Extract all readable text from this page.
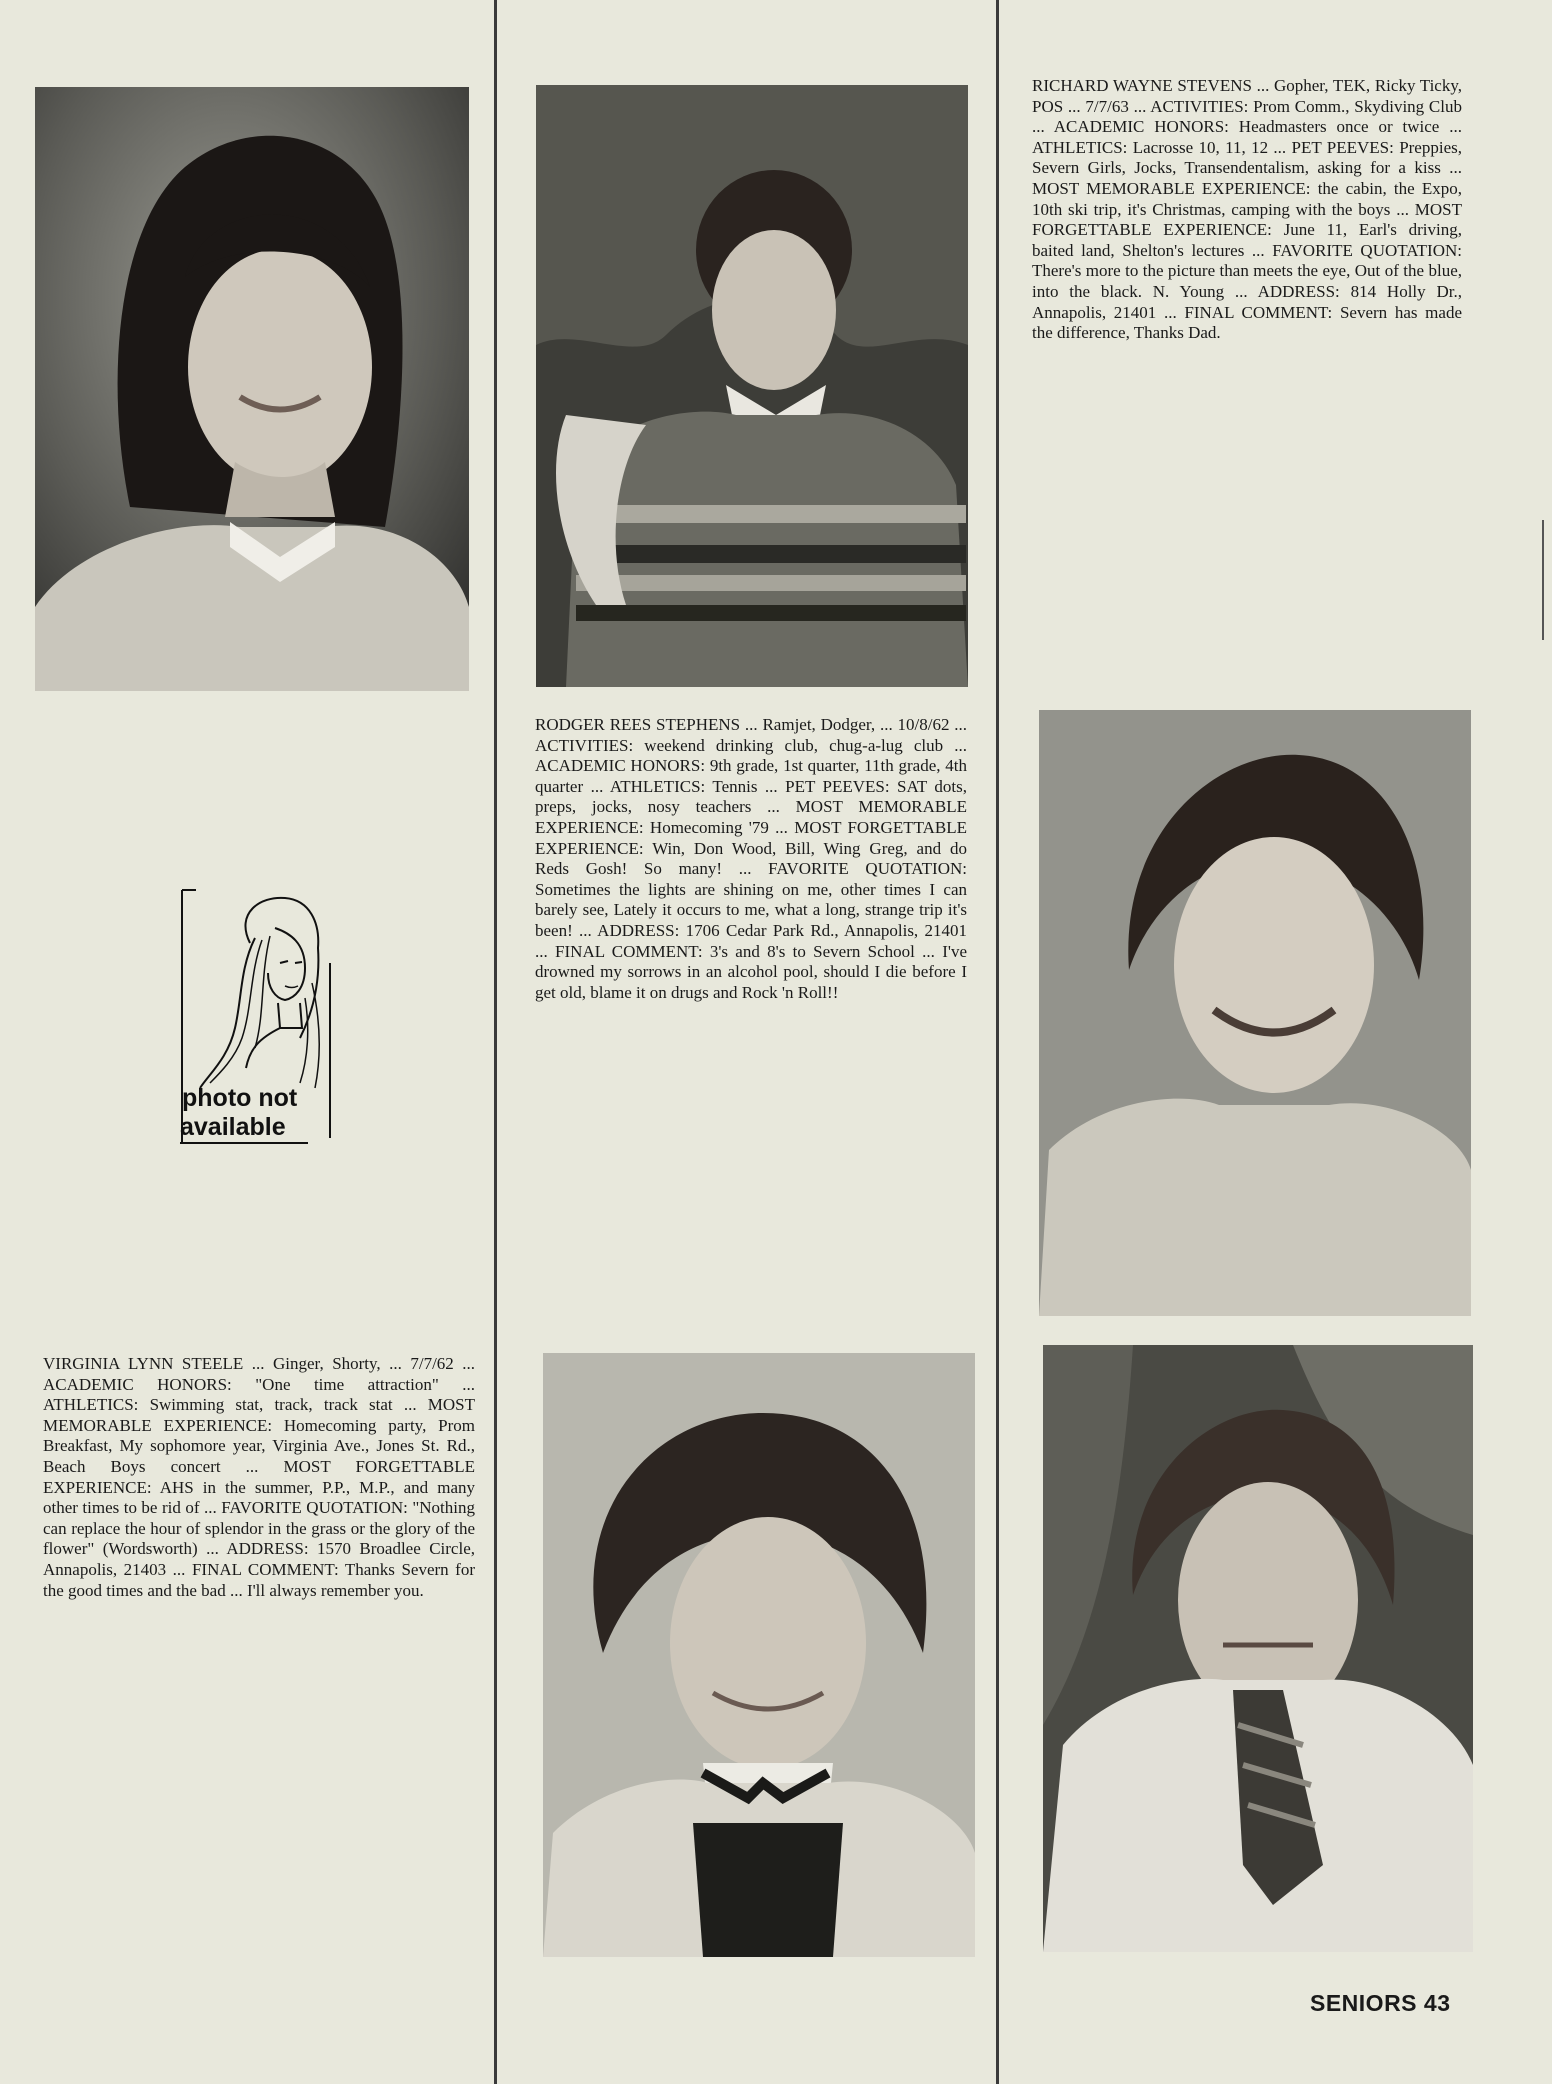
RICHARD WAYNE STEVENS ... Gopher, TEK, Ricky Ticky, POS ... 7/7/63 ... ACTIVITIES: Prom Comm., Skydiving Club ... ACADEMIC HONORS: Headmasters once or twice ... ATHLETICS: Lacrosse 10, 11, 12 ... PET PEEVES: Preppies, Severn Girls, Jocks, Transendentalism, asking for a kiss ... MOST MEMORABLE EXPERIENCE: the cabin, the Expo, 10th ski trip, it's Christmas, camping with the boys ... MOST FORGETTABLE EXPERIENCE: June 11, Earl's driving, baited land, Shelton's lectures ... FAVORITE QUOTATION: There's more to the picture than meets the eye, Out of the blue, into the black. N. Young ... ADDRESS: 814 Holly Dr., Annapolis, 21401 ... FINAL COMMENT: Severn has made the difference, Thanks Dad.

RODGER REES STEPHENS ... Ramjet, Dodger, ... 10/8/62 ... ACTIVITIES: weekend drinking club, chug-a-lug club ... ACADEMIC HONORS: 9th grade, 1st quarter, 11th grade, 4th quarter ... ATHLETICS: Tennis ... PET PEEVES: SAT dots, preps, jocks, nosy teachers ... MOST MEMORABLE EXPERIENCE: Homecoming '79 ... MOST FORGETTABLE EXPERIENCE: Win, Don Wood, Bill, Wing Greg, and do Reds Gosh! So many! ... FAVORITE QUOTATION: Sometimes the lights are shining on me, other times I can barely see, Lately it occurs to me, what a long, strange trip it's been! ... ADDRESS: 1706 Cedar Park Rd., Annapolis, 21401 ... FINAL COMMENT: 3's and 8's to Severn School ... I've drowned my sorrows in an alcohol pool, should I die before I get old, blame it on drugs and Rock 'n Roll!!

photo not
available

VIRGINIA LYNN STEELE ... Ginger, Shorty, ... 7/7/62 ... ACADEMIC HONORS: "One time attraction" ... ATHLETICS: Swimming stat, track, track stat ... MOST MEMORABLE EXPERIENCE: Homecoming party, Prom Breakfast, My sophomore year, Virginia Ave., Jones St. Rd., Beach Boys concert ... MOST FORGETTABLE EXPERIENCE: AHS in the summer, P.P., M.P., and many other times to be rid of ... FAVORITE QUOTATION: "Nothing can replace the hour of splendor in the grass or the glory of the flower" (Wordsworth) ... ADDRESS: 1570 Broadlee Circle, Annapolis, 21403 ... FINAL COMMENT: Thanks Severn for the good times and the bad ... I'll always remember you.

SENIORS 43
